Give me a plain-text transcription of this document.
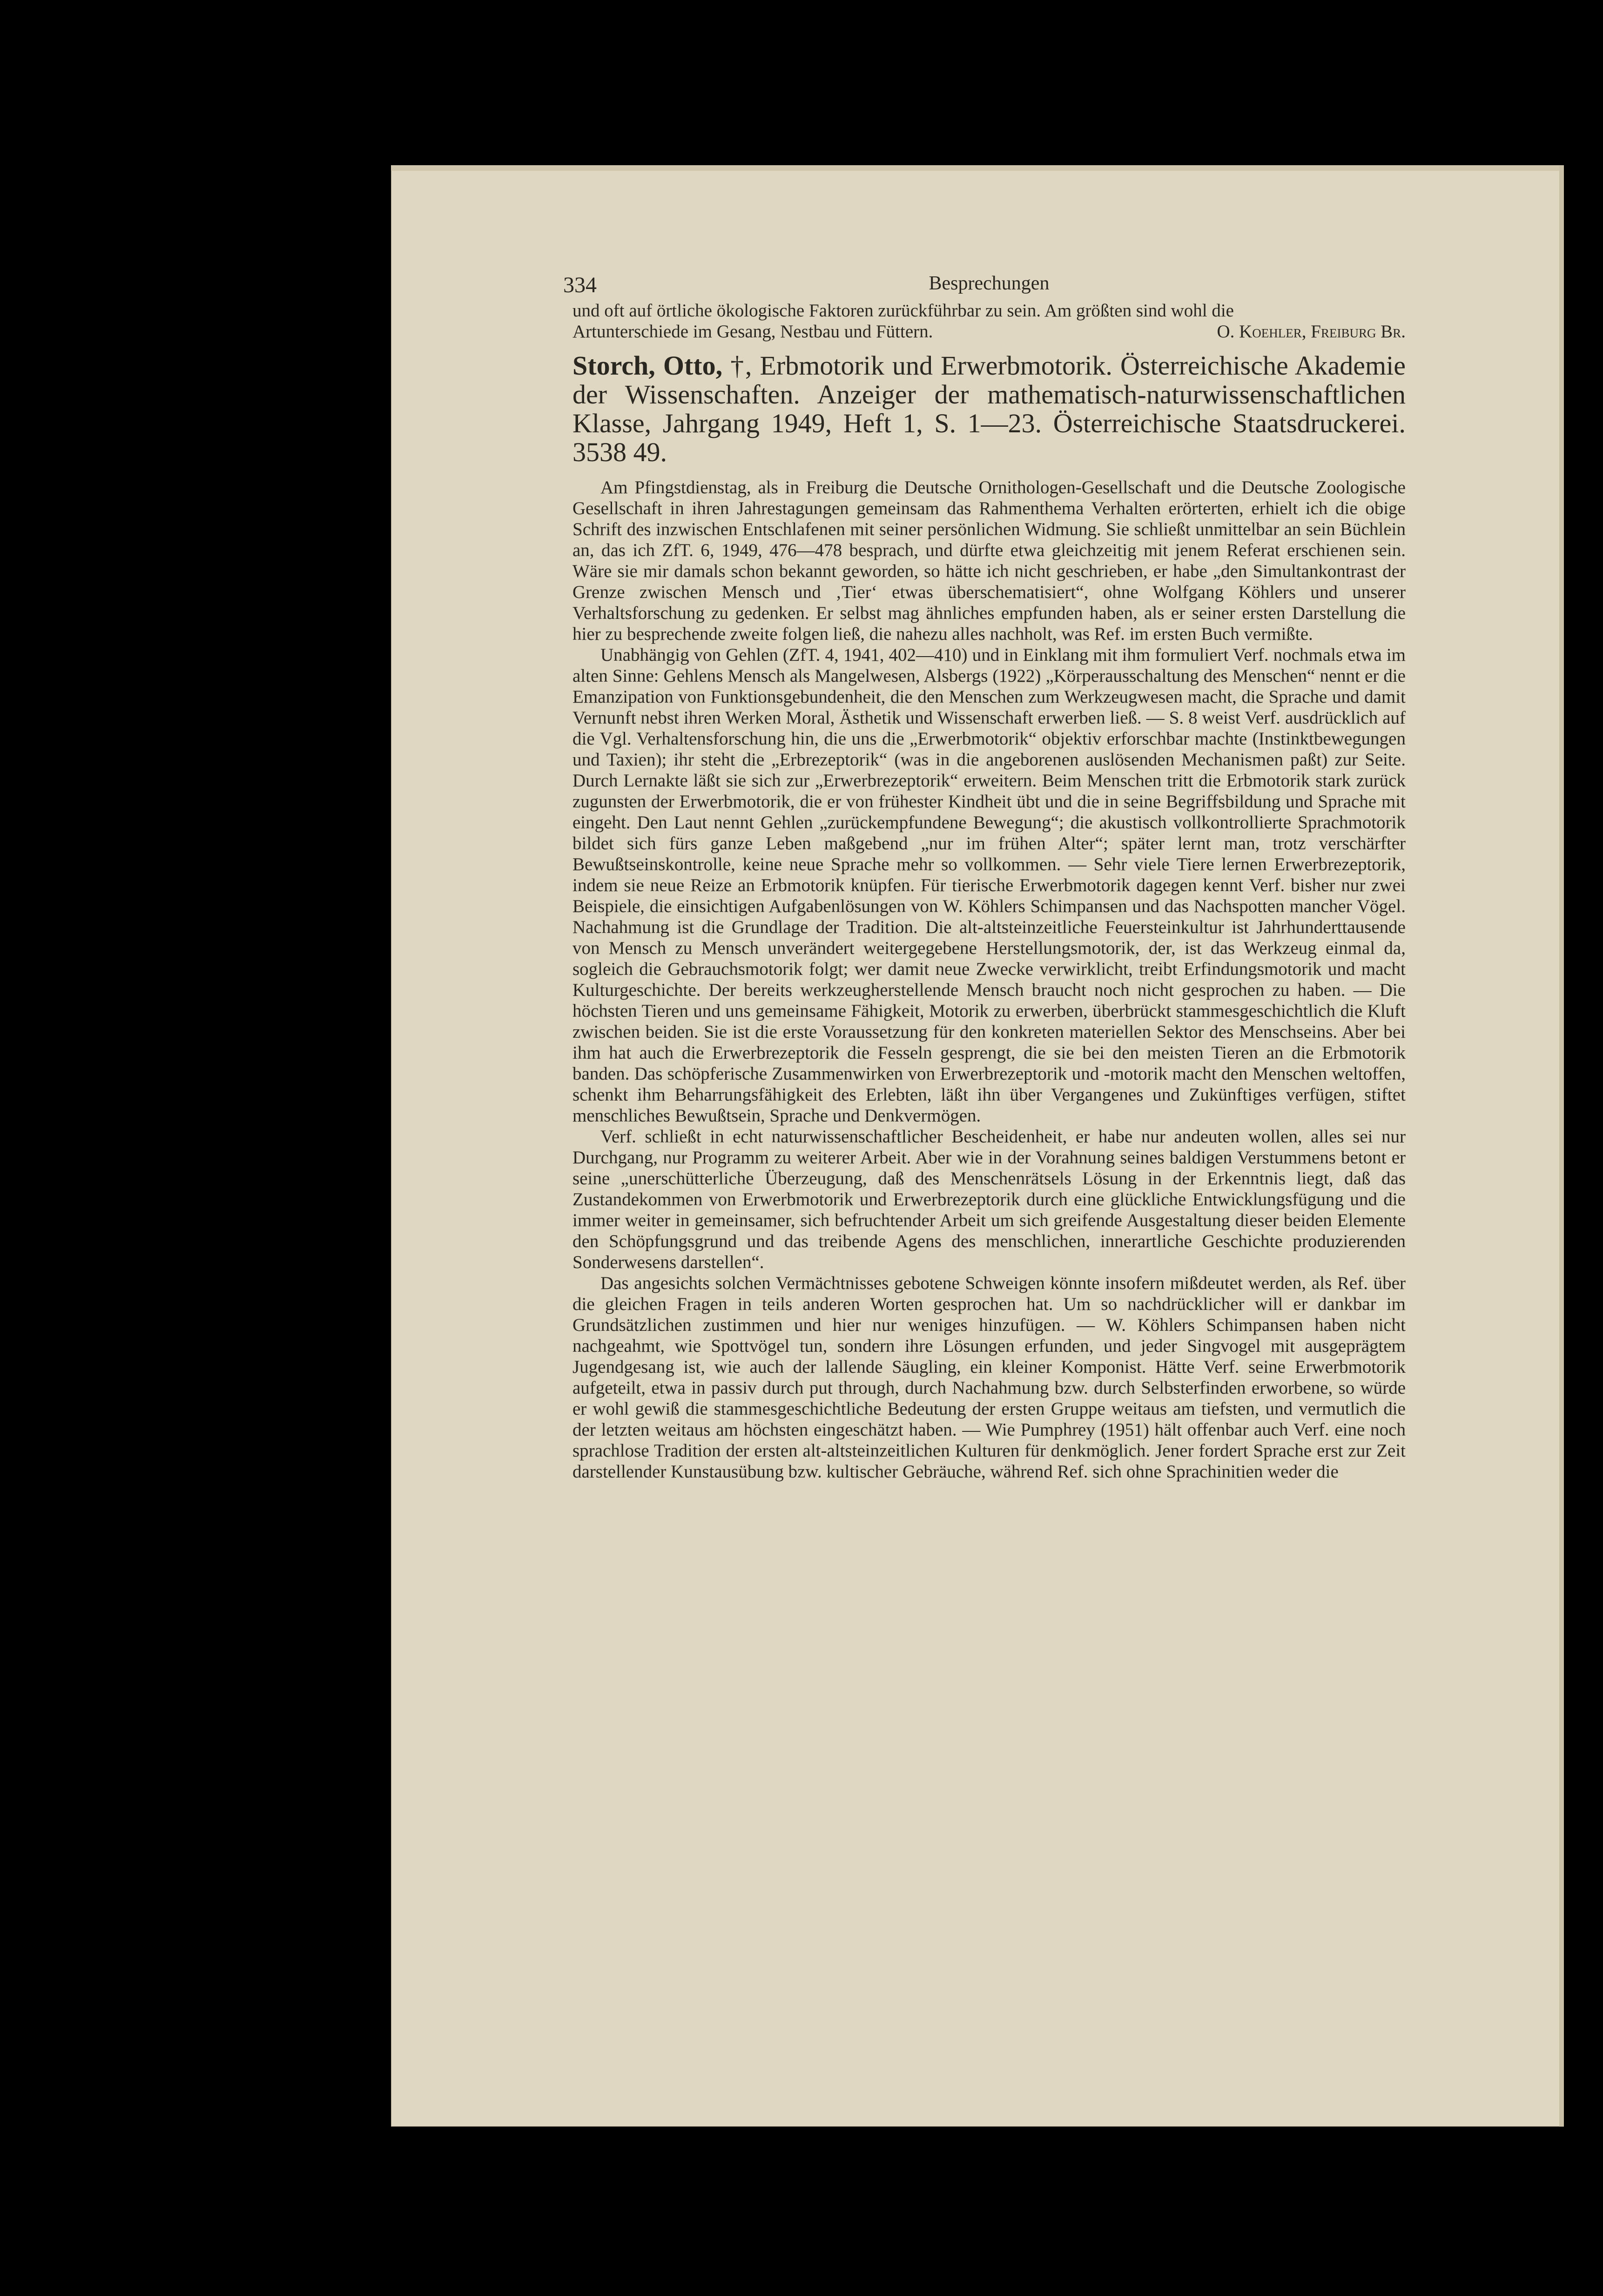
334	Besprechungen

und oft auf örtliche ökologische Faktoren zurückführbar zu sein. Am größten sind wohl die

Artunterschiede im Gesang, Nestbau und Füttern.	O. Koehler, Freiburg Br.

Storch, Otto, †, Erbmotorik und Erwerbmotorik. Österreichische Akademie der Wissenschaften. Anzeiger der mathematisch-naturwissenschaftlichen Klasse, Jahrgang 1949, Heft 1, S. 1—23. Österreichische Staatsdruckerei. 3538 49.

Am Pfingstdienstag, als in Freiburg die Deutsche Ornithologen-Gesellschaft und die Deutsche Zoologische Gesellschaft in ihren Jahrestagungen gemeinsam das Rahmenthema Verhalten erörterten, erhielt ich die obige Schrift des inzwischen Entschlafenen mit seiner persönlichen Widmung. Sie schließt unmittelbar an sein Büchlein an, das ich ZfT. 6, 1949, 476—478 besprach, und dürfte etwa gleichzeitig mit jenem Referat erschienen sein. Wäre sie mir damals schon bekannt geworden, so hätte ich nicht geschrieben, er habe „den Simultankontrast der Grenze zwischen Mensch und ‚Tier‘ etwas überschematisiert“, ohne Wolfgang Köhlers und unserer Verhaltsforschung zu gedenken. Er selbst mag ähnliches empfunden haben, als er seiner ersten Darstellung die hier zu besprechende zweite folgen ließ, die nahezu alles nachholt, was Ref. im ersten Buch vermißte.

Unabhängig von Gehlen (ZfT. 4, 1941, 402—410) und in Einklang mit ihm formuliert Verf. nochmals etwa im alten Sinne: Gehlens Mensch als Mangelwesen, Alsbergs (1922) „Körperausschaltung des Menschen“ nennt er die Emanzipation von Funktionsgebundenheit, die den Menschen zum Werkzeugwesen macht, die Sprache und damit Vernunft nebst ihren Werken Moral, Ästhetik und Wissenschaft erwerben ließ. — S. 8 weist Verf. ausdrücklich auf die Vgl. Verhaltensforschung hin, die uns die „Erwerbmotorik“ objektiv erforschbar machte (Instinktbewegungen und Taxien); ihr steht die „Erbrezeptorik“ (was in die angeborenen auslösenden Mechanismen paßt) zur Seite. Durch Lernakte läßt sie sich zur „Erwerbrezeptorik“ erweitern. Beim Menschen tritt die Erbmotorik stark zurück zugunsten der Erwerbmotorik, die er von frühester Kindheit übt und die in seine Begriffsbildung und Sprache mit eingeht. Den Laut nennt Gehlen „zurückempfundene Bewegung“; die akustisch vollkontrollierte Sprachmotorik bildet sich fürs ganze Leben maßgebend „nur im frühen Alter“; später lernt man, trotz verschärfter Bewußtseinskontrolle, keine neue Sprache mehr so vollkommen. — Sehr viele Tiere lernen Erwerbrezeptorik, indem sie neue Reize an Erbmotorik knüpfen. Für tierische Erwerbmotorik dagegen kennt Verf. bisher nur zwei Beispiele, die einsichtigen Aufgabenlösungen von W. Köhlers Schimpansen und das Nachspotten mancher Vögel. Nachahmung ist die Grundlage der Tradition. Die alt-altsteinzeitliche Feuersteinkultur ist Jahrhunderttausende von Mensch zu Mensch unverändert weitergegebene Herstellungsmotorik, der, ist das Werkzeug einmal da, sogleich die Gebrauchsmotorik folgt; wer damit neue Zwecke verwirklicht, treibt Erfindungsmotorik und macht Kulturgeschichte. Der bereits werkzeugherstellende Mensch braucht noch nicht gesprochen zu haben. — Die höchsten Tieren und uns gemeinsame Fähigkeit, Motorik zu erwerben, überbrückt stammesgeschichtlich die Kluft zwischen beiden. Sie ist die erste Voraussetzung für den konkreten materiellen Sektor des Menschseins. Aber bei ihm hat auch die Erwerbrezeptorik die Fesseln gesprengt, die sie bei den meisten Tieren an die Erbmotorik banden. Das schöpferische Zusammenwirken von Erwerbrezeptorik und -motorik macht den Menschen weltoffen, schenkt ihm Beharrungsfähigkeit des Erlebten, läßt ihn über Vergangenes und Zukünftiges verfügen, stiftet menschliches Bewußtsein, Sprache und Denkvermögen.

Verf. schließt in echt naturwissenschaftlicher Bescheidenheit, er habe nur andeuten wollen, alles sei nur Durchgang, nur Programm zu weiterer Arbeit. Aber wie in der Vorahnung seines baldigen Verstummens betont er seine „unerschütterliche Überzeugung, daß des Menschenrätsels Lösung in der Erkenntnis liegt, daß das Zustandekommen von Erwerbmotorik und Erwerbrezeptorik durch eine glückliche Entwicklungsfügung und die immer weiter in gemeinsamer, sich befruchtender Arbeit um sich greifende Ausgestaltung dieser beiden Elemente den Schöpfungsgrund und das treibende Agens des menschlichen, innerartliche Geschichte produzierenden Sonderwesens darstellen“.

Das angesichts solchen Vermächtnisses gebotene Schweigen könnte insofern mißdeutet werden, als Ref. über die gleichen Fragen in teils anderen Worten gesprochen hat. Um so nachdrücklicher will er dankbar im Grundsätzlichen zustimmen und hier nur weniges hinzufügen. — W. Köhlers Schimpansen haben nicht nachgeahmt, wie Spottvögel tun, sondern ihre Lösungen erfunden, und jeder Singvogel mit ausgeprägtem Jugendgesang ist, wie auch der lallende Säugling, ein kleiner Komponist. Hätte Verf. seine Erwerbmotorik aufgeteilt, etwa in passiv durch put through, durch Nachahmung bzw. durch Selbsterfinden erworbene, so würde er wohl gewiß die stammesgeschichtliche Bedeutung der ersten Gruppe weitaus am tiefsten, und vermutlich die der letzten weitaus am höchsten eingeschätzt haben. — Wie Pumphrey (1951) hält offenbar auch Verf. eine noch sprachlose Tradition der ersten alt-altsteinzeitlichen Kulturen für denkmöglich. Jener fordert Sprache erst zur Zeit darstellender Kunstausübung bzw. kultischer Gebräuche, während Ref. sich ohne Sprachinitien weder die
